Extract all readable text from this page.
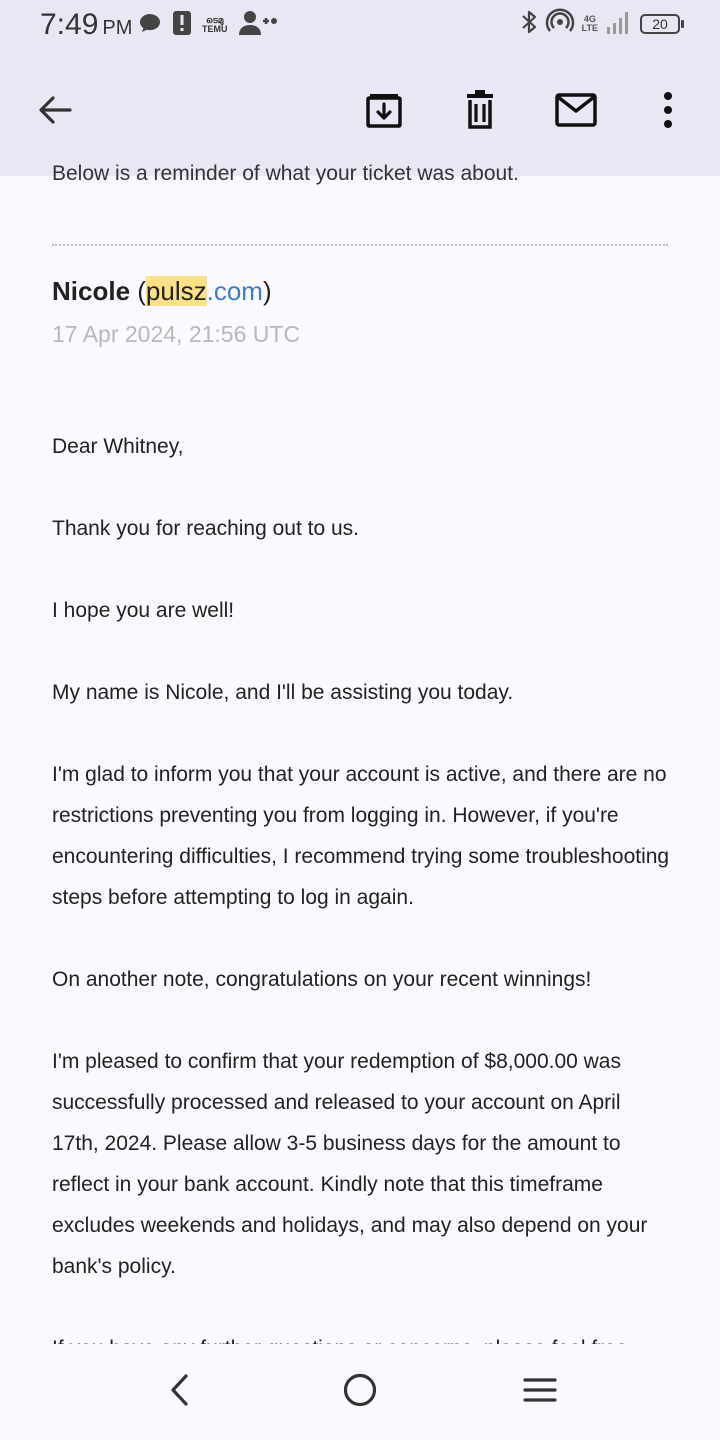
7:49 PM	ടെമു
TEMU
4G
LTE	20
Below is a reminder of what your ticket was about.
Nicole (pulsz.com)
17 Apr 2024, 21:56 UTC

Dear Whitney,

Thank you for reaching out to us.

I hope you are well!

My name is Nicole, and I'll be assisting you today.

I'm glad to inform you that your account is active, and there are no restrictions preventing you from logging in. However, if you're encountering difficulties, I recommend trying some troubleshooting steps before attempting to log in again.

On another note, congratulations on your recent winnings!

I'm pleased to confirm that your redemption of $8,000.00 was successfully processed and released to your account on April 17th, 2024. Please allow 3-5 business days for the amount to reflect in your bank account. Kindly note that this timeframe excludes weekends and holidays, and may also depend on your bank's policy.
